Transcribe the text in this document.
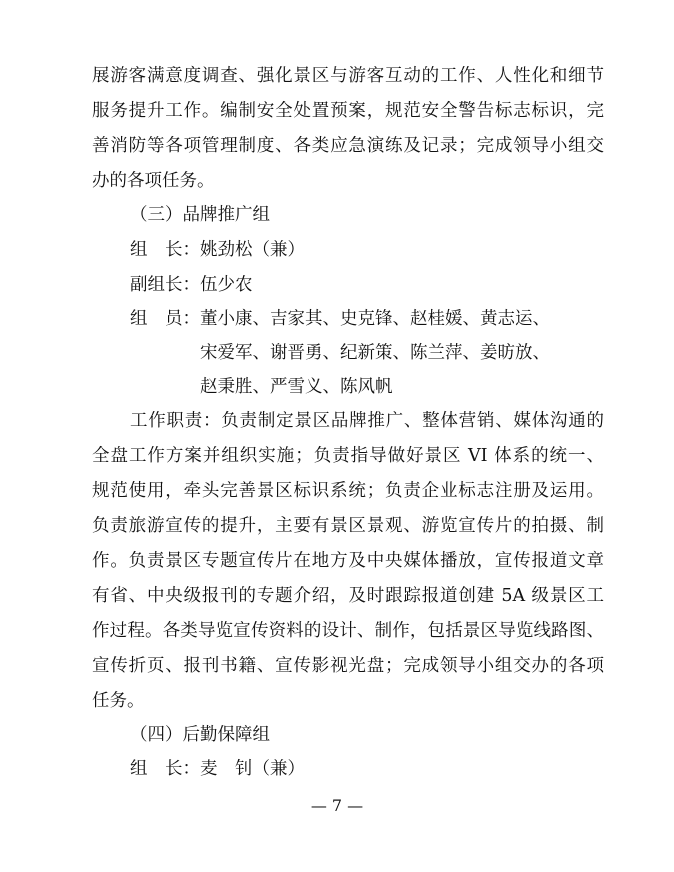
展游客满意度调查、强化景区与游客互动的工作、人性化和细节
服务提升工作。编制安全处置预案，规范安全警告标志标识，完
善消防等各项管理制度、各类应急演练及记录；完成领导小组交
办的各项任务。
（三）品牌推广组
组　长：姚劲松（兼）
副组长：伍少农
组　员：董小康、吉家其、史克锋、赵桂媛、黄志运、
宋爱军、谢晋勇、纪新策、陈兰萍、姜昉放、
赵秉胜、严雪义、陈风帆
工作职责：负责制定景区品牌推广、整体营销、媒体沟通的
全盘工作方案并组织实施；负责指导做好景区 VI 体系的统一、
规范使用，牵头完善景区标识系统；负责企业标志注册及运用。
负责旅游宣传的提升，主要有景区景观、游览宣传片的拍摄、制
作。负责景区专题宣传片在地方及中央媒体播放，宣传报道文章
有省、中央级报刊的专题介绍，及时跟踪报道创建 5A 级景区工
作过程。各类导览宣传资料的设计、制作，包括景区导览线路图、
宣传折页、报刊书籍、宣传影视光盘；完成领导小组交办的各项
任务。
（四）后勤保障组
组　长：麦　钊（兼）
— 7 —
